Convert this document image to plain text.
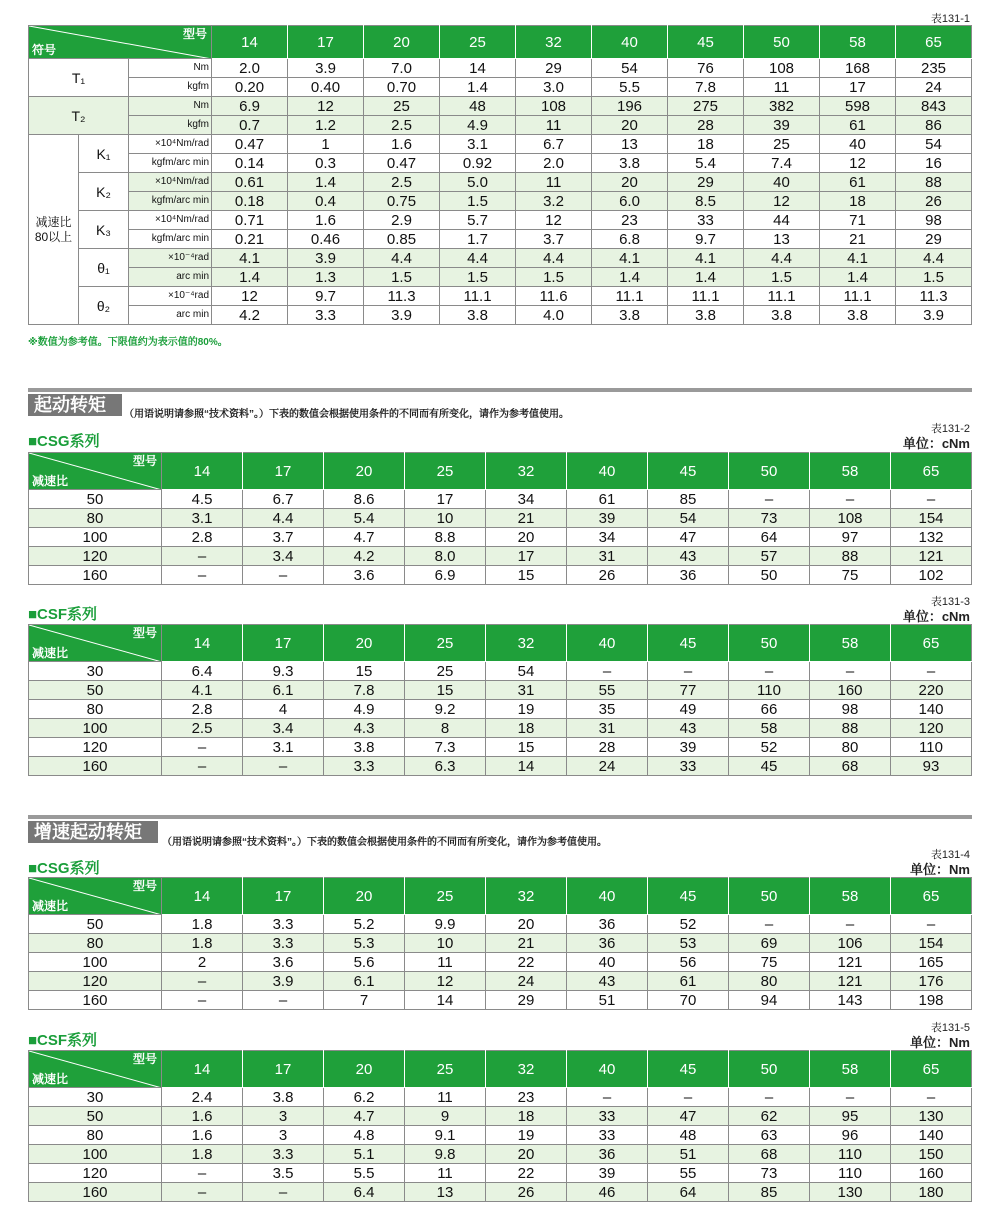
表131-1
型号
符号			14	17	20	25	32	40	45	50	58	65
T₁		Nm	2.0	3.9	7.0	14	29	54	76	108	168	235
		kgfm	0.20	0.40	0.70	1.4	3.0	5.5	7.8	11	17	24
T₂		Nm	6.9	12	25	48	108	196	275	382	598	843
		kgfm	0.7	1.2	2.5	4.9	11	20	28	39	61	86
减速比
80以上	K₁	×10⁴Nm/rad	0.47	1	1.6	3.1	6.7	13	18	25	40	54
		kgfm/arc min	0.14	0.3	0.47	0.92	2.0	3.8	5.4	7.4	12	16
	K₂	×10⁴Nm/rad	0.61	1.4	2.5	5.0	11	20	29	40	61	88
		kgfm/arc min	0.18	0.4	0.75	1.5	3.2	6.0	8.5	12	18	26
	K₃	×10⁴Nm/rad	0.71	1.6	2.9	5.7	12	23	33	44	71	98
		kgfm/arc min	0.21	0.46	0.85	1.7	3.7	6.8	9.7	13	21	29
	θ₁	×10⁻⁴rad	4.1	3.9	4.4	4.4	4.4	4.1	4.1	4.4	4.1	4.4
		arc min	1.4	1.3	1.5	1.5	1.5	1.4	1.4	1.5	1.4	1.5
	θ₂	×10⁻⁴rad	12	9.7	11.3	11.1	11.6	11.1	11.1	11.1	11.1	11.3
		arc min	4.2	3.3	3.9	3.8	4.0	3.8	3.8	3.8	3.8	3.9
※数值为参考值。下限值约为表示值的80%。
起动转矩	（用语说明请参照“技术资料”。）下表的数值会根据使用条件的不同而有所变化，请作为参考值使用。
■CSG系列
表131-2
单位：cNm
型号
减速比	14	17	20	25	32	40	45	50	58	65
50	4.5	6.7	8.6	17	34	61	85	–	–	–
80	3.1	4.4	5.4	10	21	39	54	73	108	154
100	2.8	3.7	4.7	8.8	20	34	47	64	97	132
120	–	3.4	4.2	8.0	17	31	43	57	88	121
160	–	–	3.6	6.9	15	26	36	50	75	102
■CSF系列
表131-3
单位：cNm
型号
减速比	14	17	20	25	32	40	45	50	58	65
30	6.4	9.3	15	25	54	–	–	–	–	–
50	4.1	6.1	7.8	15	31	55	77	110	160	220
80	2.8	4	4.9	9.2	19	35	49	66	98	140
100	2.5	3.4	4.3	8	18	31	43	58	88	120
120	–	3.1	3.8	7.3	15	28	39	52	80	110
160	–	–	3.3	6.3	14	24	33	45	68	93
增速起动转矩
（用语说明请参照“技术资料”。）下表的数值会根据使用条件的不同而有所变化，请作为参考值使用。
■CSG系列
表131-4
单位：Nm
型号
减速比	14	17	20	25	32	40	45	50	58	65
50	1.8	3.3	5.2	9.9	20	36	52	–	–	–
80	1.8	3.3	5.3	10	21	36	53	69	106	154
100	2	3.6	5.6	11	22	40	56	75	121	165
120	–	3.9	6.1	12	24	43	61	80	121	176
160	–	–	7	14	29	51	70	94	143	198
■CSF系列
表131-5
单位：Nm
型号
减速比	14	17	20	25	32	40	45	50	58	65
30	2.4	3.8	6.2	11	23	–	–	–	–	–
50	1.6	3	4.7	9	18	33	47	62	95	130
80	1.6	3	4.8	9.1	19	33	48	63	96	140
100	1.8	3.3	5.1	9.8	20	36	51	68	110	150
120	–	3.5	5.5	11	22	39	55	73	110	160
160	–	–	6.4	13	26	46	64	85	130	180
